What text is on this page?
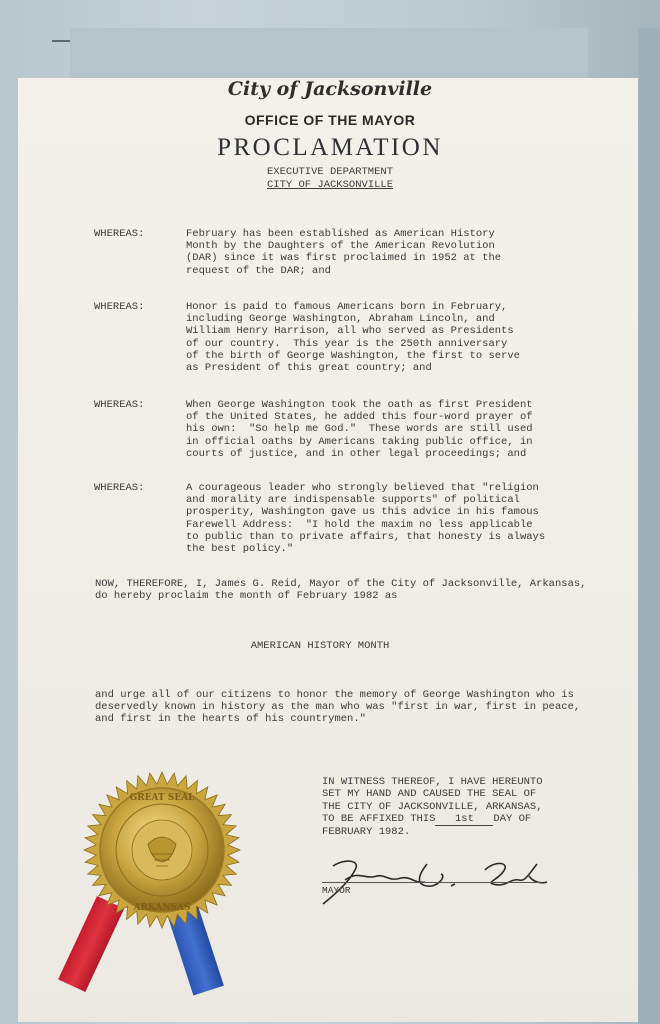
City of Jacksonville
OFFICE OF THE MAYOR
PROCLAMATION
EXECUTIVE DEPARTMENT
CITY OF JACKSONVILLE
WHEREAS:	February has been established as American History
Month by the Daughters of the American Revolution
(DAR) since it was first proclaimed in 1952 at the
request of the DAR; and
WHEREAS:	Honor is paid to famous Americans born in February,
including George Washington, Abraham Lincoln, and
William Henry Harrison, all who served as Presidents
of our country.  This year is the 250th anniversary
of the birth of George Washington, the first to serve
as President of this great country; and
WHEREAS:	When George Washington took the oath as first President
of the United States, he added this four-word prayer of
his own:  "So help me God."  These words are still used
in official oaths by Americans taking public office, in
courts of justice, and in other legal proceedings; and
WHEREAS:	A courageous leader who strongly believed that "religion
and morality are indispensable supports" of political
prosperity, Washington gave us this advice in his famous
Farewell Address:  "I hold the maxim no less applicable
to public than to private affairs, that honesty is always
the best policy."
NOW, THEREFORE, I, James G. Reid, Mayor of the City of Jacksonville, Arkansas,
do hereby proclaim the month of February 1982 as
AMERICAN HISTORY MONTH
and urge all of our citizens to honor the memory of George Washington who is
deservedly known in history as the man who was "first in war, first in peace,
and first in the hearts of his countrymen."
IN WITNESS THEREOF, I HAVE HEREUNTO
SET MY HAND AND CAUSED THE SEAL OF
THE CITY OF JACKSONVILLE, ARKANSAS,
TO BE AFFIXED THIS 1st DAY OF
FEBRUARY 1982.
MAYOR
GREAT SEAL
ARKANSAS
